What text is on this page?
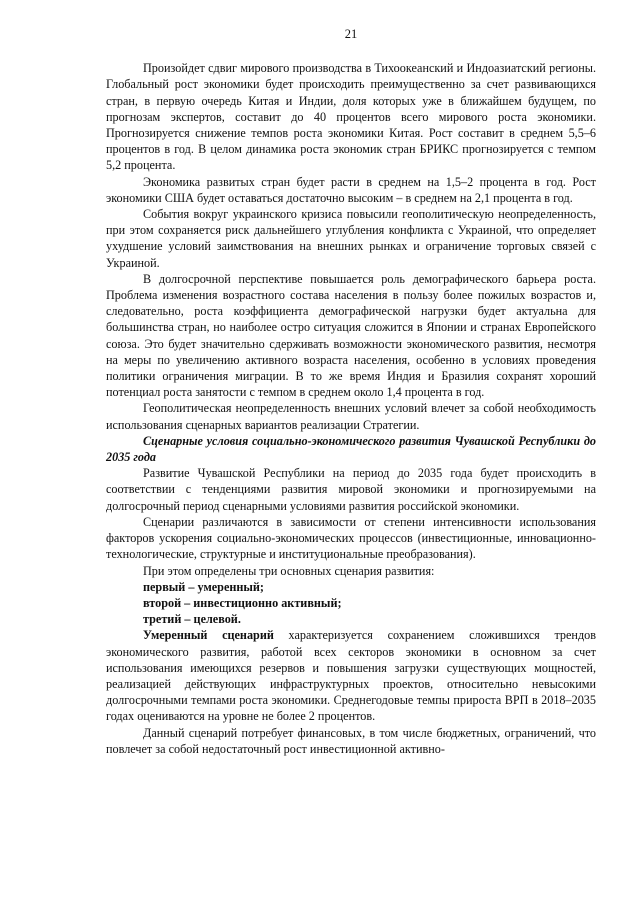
21

Произойдет сдвиг мирового производства в Тихоокеанский и Индоазиатский регионы. Глобальный рост экономики будет происходить преимущественно за счет развивающихся стран, в первую очередь Китая и Индии, доля которых уже в ближайшем будущем, по прогнозам экспертов, составит до 40 процентов всего мирового роста экономики. Прогнозируется снижение темпов роста экономики Китая. Рост составит в среднем 5,5–6 процентов в год. В целом динамика роста экономик стран БРИКС прогнозируется с темпом 5,2 процента.

Экономика развитых стран будет расти в среднем на 1,5–2 процента в год. Рост экономики США будет оставаться достаточно высоким – в среднем на 2,1 процента в год.

События вокруг украинского кризиса повысили геополитическую неопределенность, при этом сохраняется риск дальнейшего углубления конфликта с Украиной, что определяет ухудшение условий заимствования на внешних рынках и ограничение торговых связей с Украиной.

В долгосрочной перспективе повышается роль демографического барьера роста. Проблема изменения возрастного состава населения в пользу более пожилых возрастов и, следовательно, роста коэффициента демографической нагрузки будет актуальна для большинства стран, но наиболее остро ситуация сложится в Японии и странах Европейского союза. Это будет значительно сдерживать возможности экономического развития, несмотря на меры по увеличению активного возраста населения, особенно в условиях проведения политики ограничения миграции. В то же время Индия и Бразилия сохранят хороший потенциал роста занятости с темпом в среднем около 1,4 процента в год.

Геополитическая неопределенность внешних условий влечет за собой необходимость использования сценарных вариантов реализации Стратегии.

Сценарные условия социально-экономического развития Чувашской Республики до 2035 года

Развитие Чувашской Республики на период до 2035 года будет происходить в соответствии с тенденциями развития мировой экономики и прогнозируемыми на долгосрочный период сценарными условиями развития российской экономики.

Сценарии различаются в зависимости от степени интенсивности использования факторов ускорения социально-экономических процессов (инвестиционные, инновационно-технологические, структурные и институциональные преобразования).

При этом определены три основных сценария развития:

первый – умеренный;

второй – инвестиционно активный;

третий – целевой.

Умеренный сценарий характеризуется сохранением сложившихся трендов экономического развития, работой всех секторов экономики в основном за счет использования имеющихся резервов и повышения загрузки существующих мощностей, реализацией действующих инфраструктурных проектов, относительно невысокими долгосрочными темпами роста экономики. Среднегодовые темпы прироста ВРП в 2018–2035 годах оцениваются на уровне не более 2 процентов.

Данный сценарий потребует финансовых, в том числе бюджетных, ограничений, что повлечет за собой недостаточный рост инвестиционной активно-
